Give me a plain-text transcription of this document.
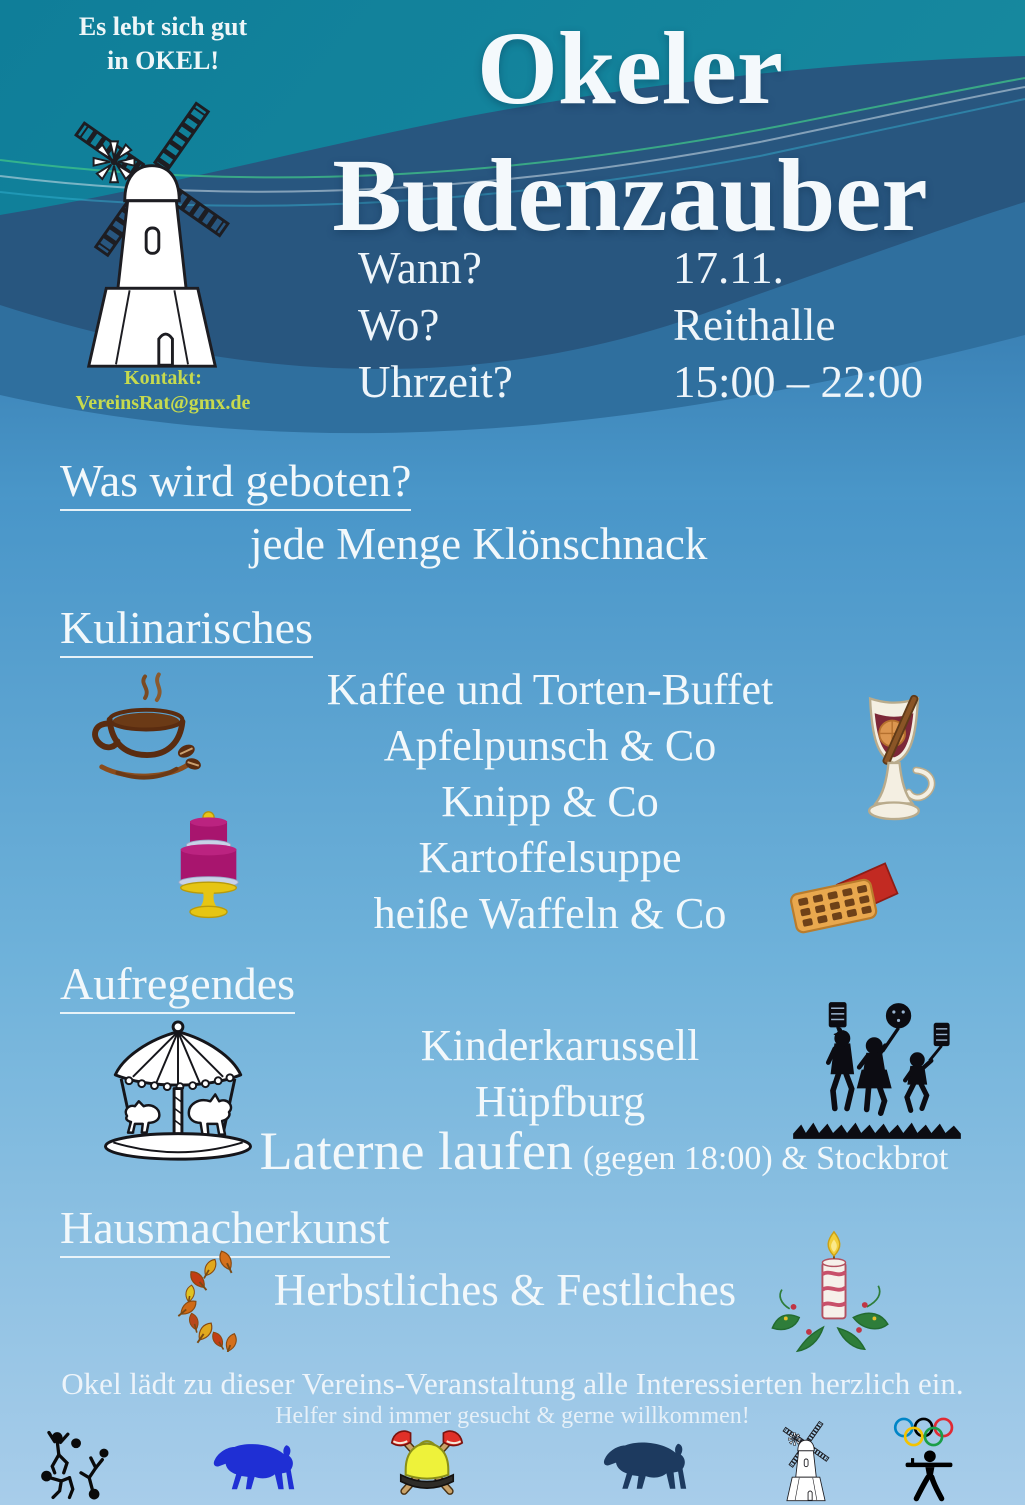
Es lebt sich gut
in OKEL!
Kontakt:
VereinsRat@gmx.de
Okeler
Budenzauber
Wann?	17.11.
Wo?	Reithalle
Uhrzeit?	15:00 – 22:00
Was wird geboten?
jede Menge Klönschnack
Kulinarisches
Kaffee und Torten-Buffet
Apfelpunsch & Co
Knipp & Co
Kartoffelsuppe
heiße Waffeln & Co
Aufregendes
Kinderkarussell
Hüpfburg
Laterne laufen (gegen 18:00) & Stockbrot
Hausmacherkunst
Herbstliches & Festliches
Okel lädt zu dieser Vereins-Veranstaltung alle Interessierten herzlich ein.
Helfer sind immer gesucht & gerne willkommen!
